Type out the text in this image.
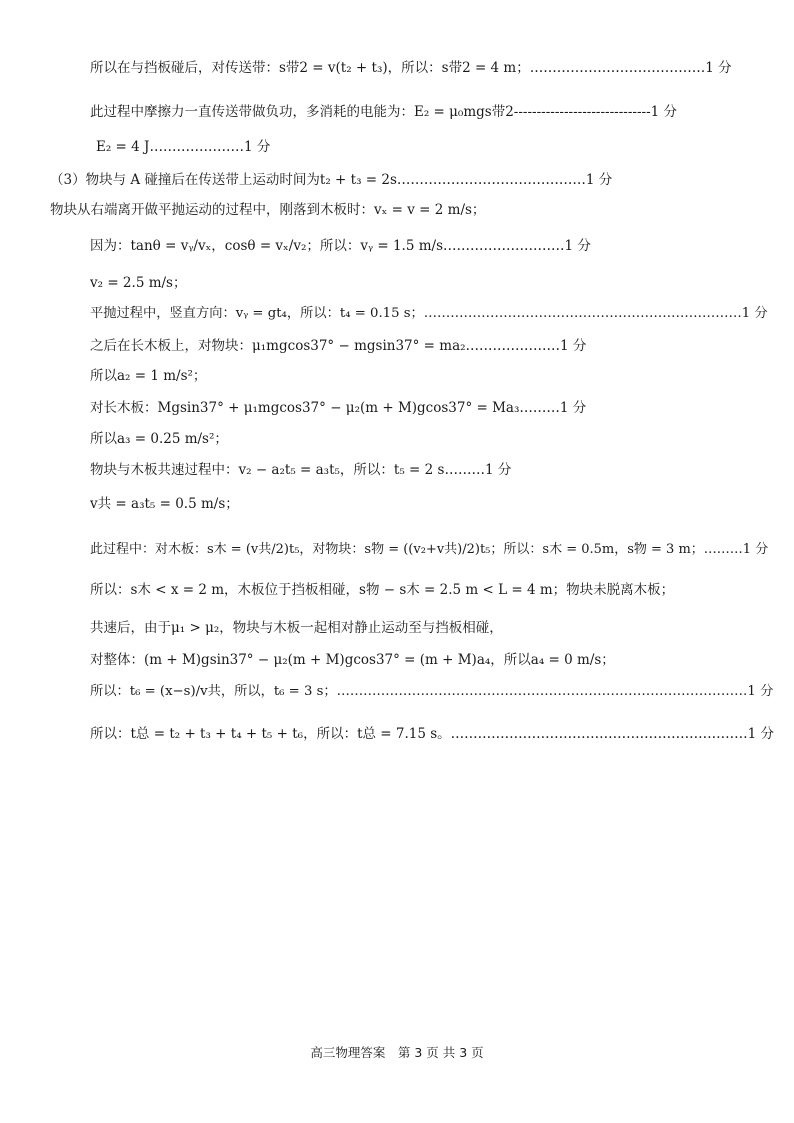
所以在与挡板碰后，对传送带：s带2 = v(t₂ + t₃)，所以：s带2 = 4 m；…………………………………1 分
此过程中摩擦力一直传送带做负功，多消耗的电能为：E₂ = μ₀mgs带2------------------------------1 分
E₂ = 4 J…………………1 分
（3）物块与 A 碰撞后在传送带上运动时间为t₂ + t₃ = 2s……………………………………1 分
物块从右端离开做平抛运动的过程中，刚落到木板时：vₓ = v = 2 m/s；
因为：tanθ = vᵧ/vₓ，cosθ = vₓ/v₂；所以：vᵧ = 1.5 m/s………………………1 分
v₂ = 2.5 m/s；
平抛过程中，竖直方向：vᵧ = gt₄，所以：t₄ = 0.15 s；………………………………………………………………1 分
之后在长木板上，对物块：μ₁mgcos37° − mgsin37° = ma₂…………………1 分
所以a₂ = 1 m/s²；
对长木板：Mgsin37° + μ₁mgcos37° − μ₂(m + M)gcos37° = Ma₃………1 分
所以a₃ = 0.25 m/s²；
物块与木板共速过程中：v₂ − a₂t₅ = a₃t₅，所以：t₅ = 2 s………1 分
v共 = a₃t₅ = 0.5 m/s；
此过程中：对木板：s木 = (v共/2)t₅，对物块：s物 = ((v₂+v共)/2)t₅；所以：s木 = 0.5m，s物 = 3 m；………1 分
所以：s木 < x = 2 m，木板位于挡板相碰，s物 − s木 = 2.5 m < L = 4 m；物块未脱离木板；
共速后，由于μ₁ > μ₂，物块与木板一起相对静止运动至与挡板相碰，
对整体：(m + M)gsin37° − μ₂(m + M)gcos37° = (m + M)a₄，所以a₄ = 0 m/s；
所以：t₆ = (x−s)/v共，所以，t₆ = 3 s；…………………………………………………………………………………1 分
所以：t总 = t₂ + t₃ + t₄ + t₅ + t₆，所以：t总 = 7.15 s。…………………………………………………………1 分
高三物理答案　第 3 页 共 3 页
